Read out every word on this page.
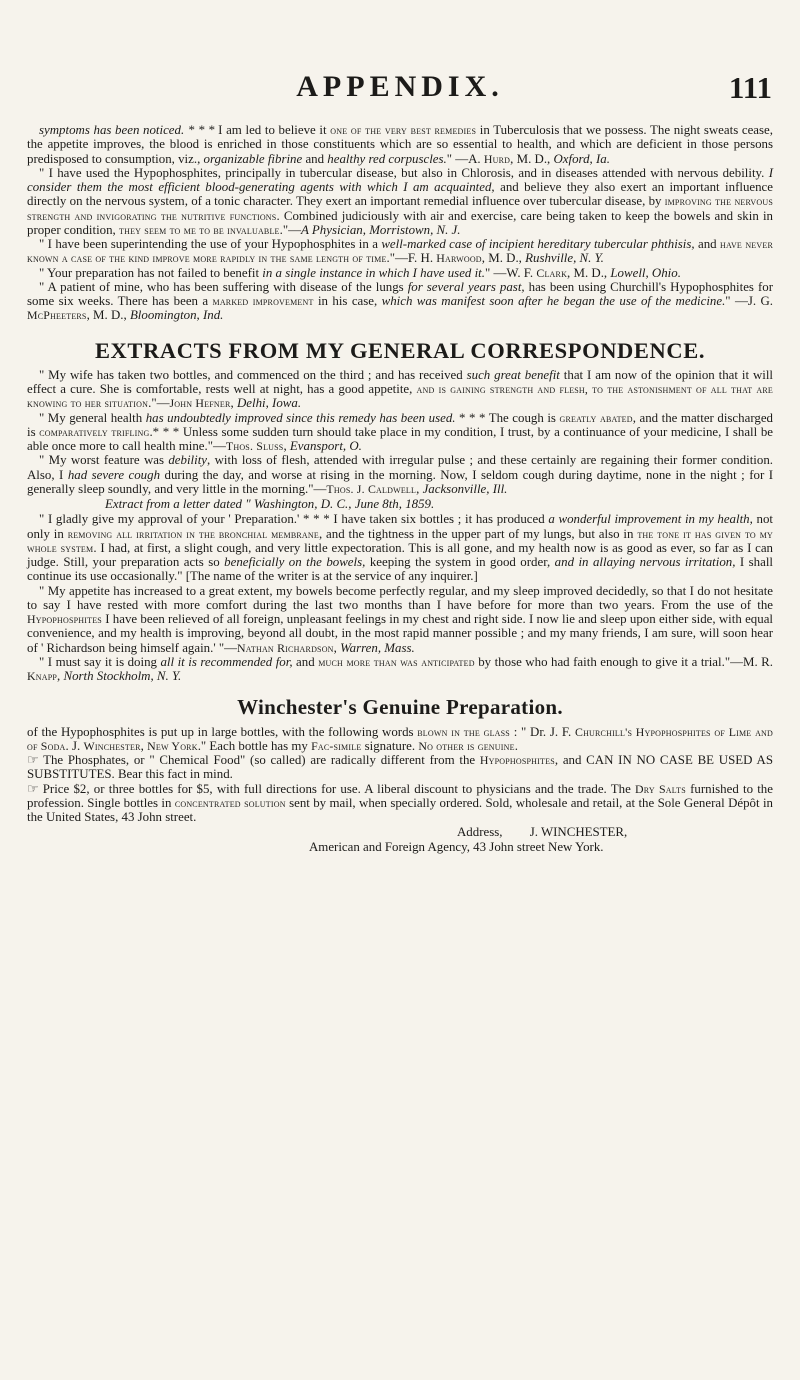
APPENDIX.	111

symptoms has been noticed. * * * I am led to believe it one of the very best remedies in Tuberculosis that we possess. The night sweats cease, the appetite improves, the blood is enriched in those constituents which are so essential to health, and which are deficient in those persons predisposed to consumption, viz., organizable fibrine and healthy red corpuscles." —A. Hurd, M. D., Oxford, Ia.

" I have used the Hypophosphites, principally in tubercular disease, but also in Chlorosis, and in diseases attended with nervous debility. I consider them the most efficient blood-generating agents with which I am acquainted, and believe they also exert an important influence directly on the nervous system, of a tonic character. They exert an important remedial influence over tubercular disease, by improving the nervous strength and invigorating the nutritive functions. Combined judiciously with air and exercise, care being taken to keep the bowels and skin in proper condition, they seem to me to be invaluable."—A Physician, Morristown, N. J.

" I have been superintending the use of your Hypophosphites in a well-marked case of incipient hereditary tubercular phthisis, and have never known a case of the kind improve more rapidly in the same length of time."—F. H. Harwood, M. D., Rushville, N. Y.

" Your preparation has not failed to benefit in a single instance in which I have used it." —W. F. Clark, M. D., Lowell, Ohio.

" A patient of mine, who has been suffering with disease of the lungs for several years past, has been using Churchill's Hypophosphites for some six weeks. There has been a marked improvement in his case, which was manifest soon after he began the use of the medicine." —J. G. McPheeters, M. D., Bloomington, Ind.

EXTRACTS FROM MY GENERAL CORRESPONDENCE.

" My wife has taken two bottles, and commenced on the third ; and has received such great benefit that I am now of the opinion that it will effect a cure. She is comfortable, rests well at night, has a good appetite, and is gaining strength and flesh, to the astonishment of all that are knowing to her situation."—John Hefner, Delhi, Iowa.

" My general health has undoubtedly improved since this remedy has been used. * * * The cough is greatly abated, and the matter discharged is comparatively trifling.* * * Unless some sudden turn should take place in my condition, I trust, by a continuance of your medicine, I shall be able once more to call health mine."—Thos. Sluss, Evansport, O.

" My worst feature was debility, with loss of flesh, attended with irregular pulse ; and these certainly are regaining their former condition. Also, I had severe cough during the day, and worse at rising in the morning. Now, I seldom cough during daytime, none in the night ; for I generally sleep soundly, and very little in the morning."—Thos. J. Caldwell, Jacksonville, Ill.

Extract from a letter dated " Washington, D. C., June 8th, 1859.

" I gladly give my approval of your ' Preparation.' * * * I have taken six bottles ; it has produced a wonderful improvement in my health, not only in removing all irritation in the bronchial membrane, and the tightness in the upper part of my lungs, but also in the tone it has given to my whole system. I had, at first, a slight cough, and very little expectoration. This is all gone, and my health now is as good as ever, so far as I can judge. Still, your preparation acts so beneficially on the bowels, keeping the system in good order, and in allaying nervous irritation, I shall continue its use occasionally." [The name of the writer is at the service of any inquirer.]

" My appetite has increased to a great extent, my bowels become perfectly regular, and my sleep improved decidedly, so that I do not hesitate to say I have rested with more comfort during the last two months than I have before for more than two years. From the use of the Hypophosphites I have been relieved of all foreign, unpleasant feelings in my chest and right side. I now lie and sleep upon either side, with equal convenience, and my health is improving, beyond all doubt, in the most rapid manner possible ; and my many friends, I am sure, will soon hear of ' Richardson being himself again.' "—Nathan Richardson, Warren, Mass.

" I must say it is doing all it is recommended for, and much more than was anticipated by those who had faith enough to give it a trial."—M. R. Knapp, North Stockholm, N. Y.

Winchester's Genuine Preparation.

of the Hypophosphites is put up in large bottles, with the following words blown in the glass : " Dr. J. F. Churchill's Hypophosphites of Lime and of Soda. J. Winchester, New York." Each bottle has my Fac-simile signature. No other is genuine.

☞ The Phosphates, or " Chemical Food" (so called) are radically different from the Hypophosphites, and CAN IN NO CASE BE USED AS SUBSTITUTES. Bear this fact in mind.

☞ Price $2, or three bottles for $5, with full directions for use. A liberal discount to physicians and the trade. The Dry Salts furnished to the profession. Single bottles in concentrated solution sent by mail, when specially ordered. Sold, wholesale and retail, at the Sole General Dépôt in the United States, 43 John street.

Address, J. WINCHESTER,
American and Foreign Agency, 43 John street New York.
